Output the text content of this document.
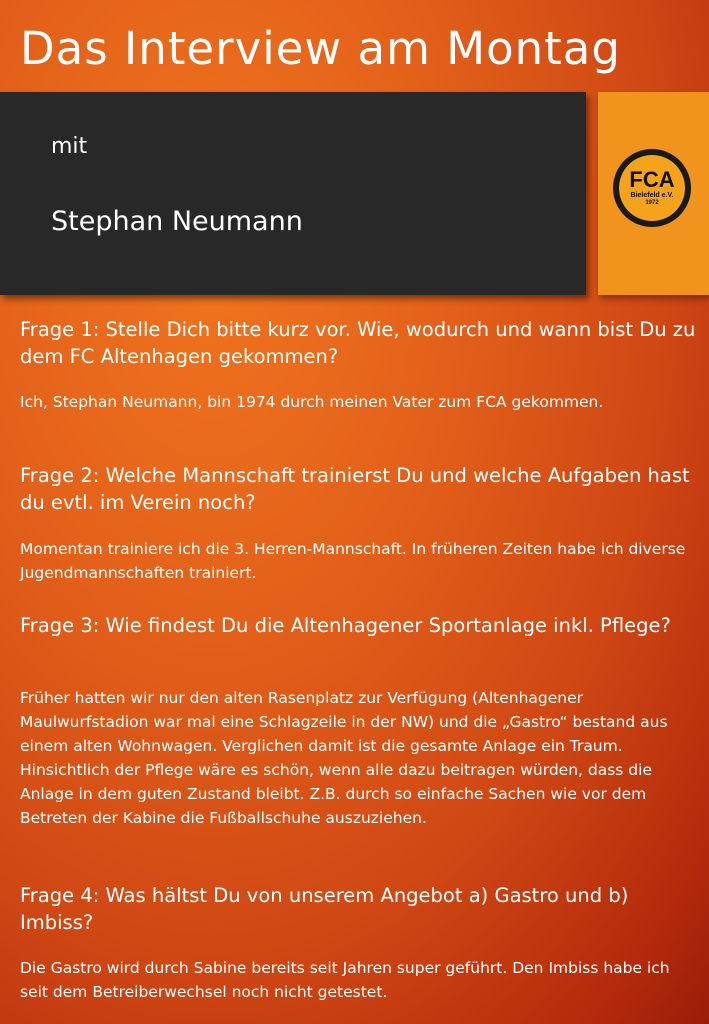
Das Interview am Montag
mit
Stephan Neumann
FCA
Bielefeld e.V.
1972
Frage 1: Stelle Dich bitte kurz vor. Wie, wodurch und wann bist Du zu dem FC Altenhagen gekommen?
Ich, Stephan Neumann, bin 1974 durch meinen Vater zum FCA gekommen.
Frage 2: Welche Mannschaft trainierst Du und welche Aufgaben hast du evtl. im Verein noch?
Momentan trainiere ich die 3. Herren-Mannschaft. In früheren Zeiten habe ich diverse Jugendmannschaften trainiert.
Frage 3: Wie findest Du die Altenhagener Sportanlage inkl. Pflege?
Früher hatten wir nur den alten Rasenplatz zur Verfügung (Altenhagener Maulwurfstadion war mal eine Schlagzeile in der NW) und die „Gastro“ bestand aus einem alten Wohnwagen. Verglichen damit ist die gesamte Anlage ein Traum. Hinsichtlich der Pflege wäre es schön, wenn alle dazu beitragen würden, dass die Anlage in dem guten Zustand bleibt. Z.B. durch so einfache Sachen wie vor dem Betreten der Kabine die Fußballschuhe auszuziehen.
Frage 4: Was hältst Du von unserem Angebot a) Gastro und b) Imbiss?
Die Gastro wird durch Sabine bereits seit Jahren super geführt. Den Imbiss habe ich seit dem Betreiberwechsel noch nicht getestet.
